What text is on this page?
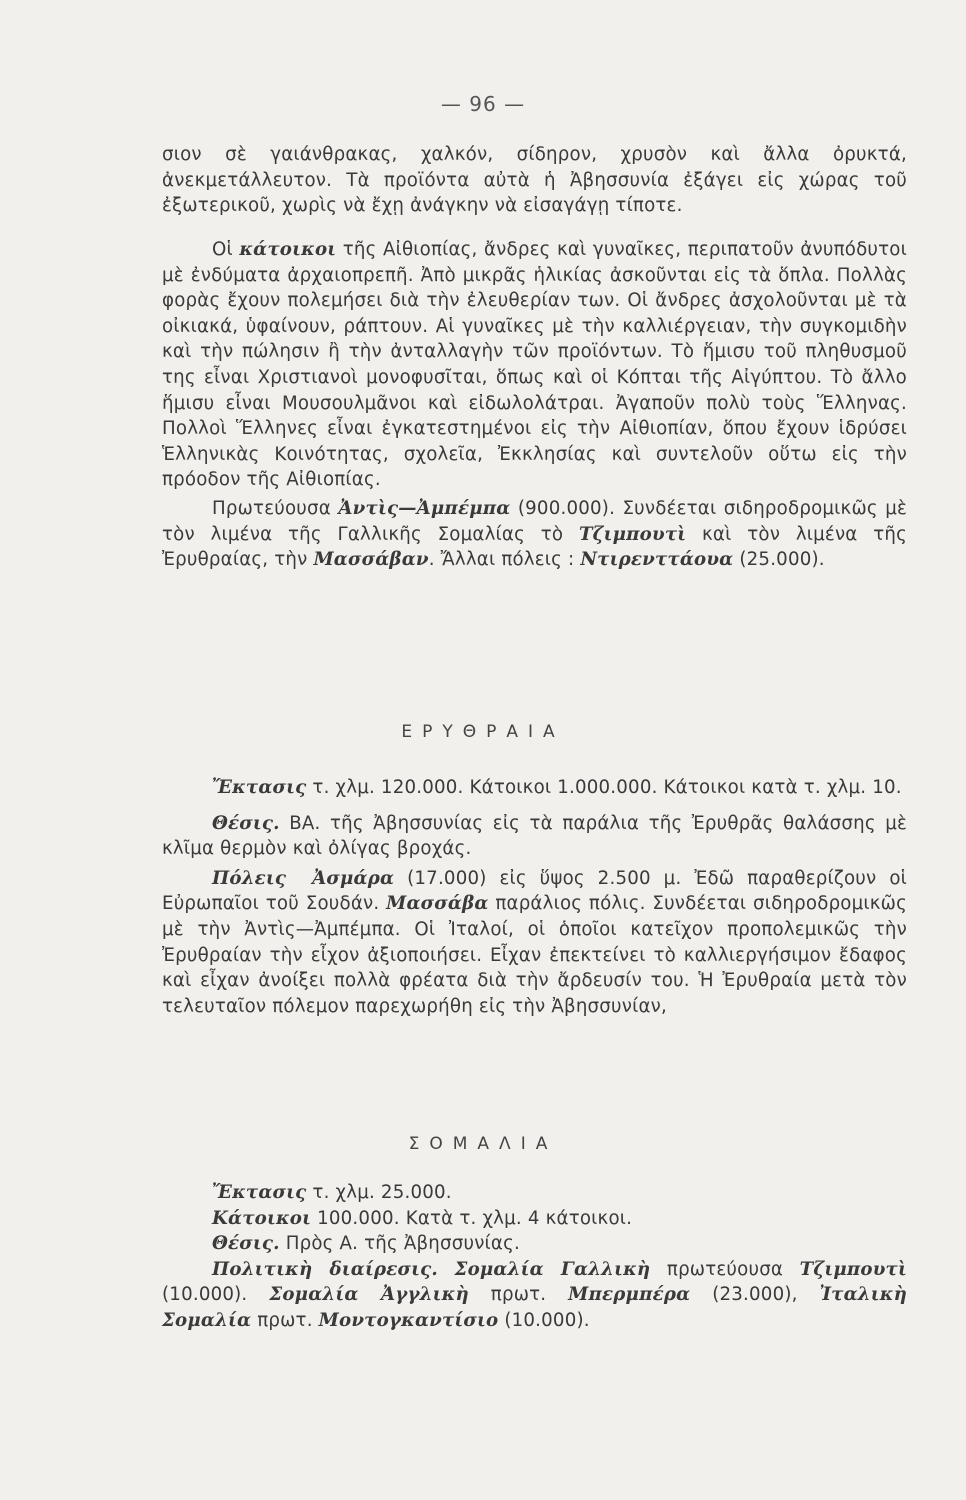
— 96 —

σιον σὲ γαιάνθρακας, χαλκόν, σίδηρον, χρυσὸν καὶ ἄλλα ὀρυκτά, ἀνεκμετάλλευτον. Τὰ προϊόντα αὐτὰ ἡ Ἀβησσυνία ἐξάγει εἰς χώρας τοῦ ἐξωτερικοῦ, χωρὶς νὰ ἔχῃ ἀνάγκην νὰ εἰσαγάγῃ τίποτε.

Οἱ κάτοικοι τῆς Αἰθιοπίας, ἄνδρες καὶ γυναῖκες, περιπατοῦν ἀνυπόδυτοι μὲ ἐνδύματα ἀρχαιοπρεπῆ. Ἀπὸ μικρᾶς ἡλικίας ἀσκοῦνται εἰς τὰ ὅπλα. Πολλὰς φορὰς ἔχουν πολεμήσει διὰ τὴν ἐλευθερίαν των. Οἱ ἄνδρες ἀσχολοῦνται μὲ τὰ οἰκιακά, ὑφαίνουν, ράπτουν. Αἱ γυναῖκες μὲ τὴν καλλιέργειαν, τὴν συγκομιδὴν καὶ τὴν πώλησιν ἢ τὴν ἀνταλλαγὴν τῶν προϊόντων. Τὸ ἥμισυ τοῦ πληθυσμοῦ της εἶναι Χριστιανοὶ μονοφυσῖται, ὅπως καὶ οἱ Κόπται τῆς Αἰγύπτου. Τὸ ἄλλο ἥμισυ εἶναι Μουσουλμᾶνοι καὶ εἰδωλολάτραι. Ἀγαποῦν πολὺ τοὺς Ἕλληνας. Πολλοὶ Ἕλληνες εἶναι ἐγκατεστημένοι εἰς τὴν Αἰθιοπίαν, ὅπου ἔχουν ἱδρύσει Ἑλληνικὰς Κοινότητας, σχολεῖα, Ἐκκλησίας καὶ συντελοῦν οὕτω εἰς τὴν πρόοδον τῆς Αἰθιοπίας.

Πρωτεύουσα Ἀντὶς—Ἀμπέμπα (900.000). Συνδέεται σιδηροδρομικῶς μὲ τὸν λιμένα τῆς Γαλλικῆς Σομαλίας τὸ Τζιμπουτὶ καὶ τὸν λιμένα τῆς Ἐρυθραίας, τὴν Μασσάβαν. Ἄλλαι πόλεις : Ντιρενττάουα (25.000).

ΕΡΥΘΡΑΙΑ

Ἔκτασις τ. χλμ. 120.000. Κάτοικοι 1.000.000. Κάτοικοι κατὰ τ. χλμ. 10.

Θέσις. ΒΑ. τῆς Ἀβησσυνίας εἰς τὰ παράλια τῆς Ἐρυθρᾶς θαλάσσης μὲ κλῖμα θερμὸν καὶ ὀλίγας βροχάς.

Πόλεις Ἀσμάρα (17.000) εἰς ὕψος 2.500 μ. Ἐδῶ παραθερίζουν οἱ Εὐρωπαῖοι τοῦ Σουδάν. Μασσάβα παράλιος πόλις. Συνδέεται σιδηροδρομικῶς μὲ τὴν Ἀντὶς—Ἀμπέμπα. Οἱ Ἰταλοί, οἱ ὁποῖοι κατεῖχον προπολεμικῶς τὴν Ἐρυθραίαν τὴν εἶχον ἀξιοποιήσει. Εἶχαν ἐπεκτείνει τὸ καλλιεργήσιμον ἔδαφος καὶ εἶχαν ἀνοίξει πολλὰ φρέατα διὰ τὴν ἄρδευσίν του. Ἡ Ἐρυθραία μετὰ τὸν τελευταῖον πόλεμον παρεχωρήθη εἰς τὴν Ἀβησσυνίαν,

ΣΟΜΑΛΙΑ

Ἔκτασις τ. χλμ. 25.000.

Κάτοικοι 100.000. Κατὰ τ. χλμ. 4 κάτοικοι.

Θέσις. Πρὸς Α. τῆς Ἀβησσυνίας.

Πολιτικὴ διαίρεσις. Σομαλία Γαλλικὴ πρωτεύουσα Τζιμπουτὶ (10.000). Σομαλία Ἀγγλικὴ πρωτ. Μπερμπέρα (23.000), Ἰταλικὴ Σομαλία πρωτ. Μοντογκαντίσιο (10.000).
